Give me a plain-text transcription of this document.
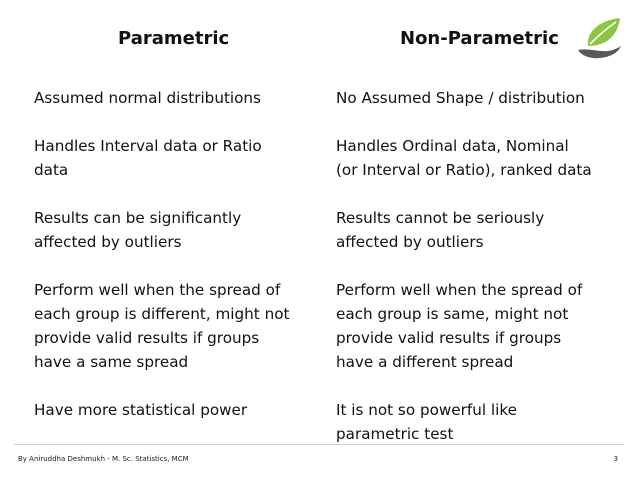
Parametric	Non-Parametric
Assumed normal distributions
Handles Interval data or Ratio
data
Results can be significantly
affected by outliers
Perform well when the spread of
each group is different, might not
provide valid results if groups
have a same spread
Have more statistical power
No Assumed Shape / distribution
Handles Ordinal data, Nominal
(or Interval or Ratio), ranked data
Results cannot be seriously
affected by outliers
Perform well when the spread of
each group is same, might not
provide valid results if groups
have a different spread
It is not so powerful like
parametric test
By Aniruddha Deshmukh - M. Sc. Statistics, MCM	3
